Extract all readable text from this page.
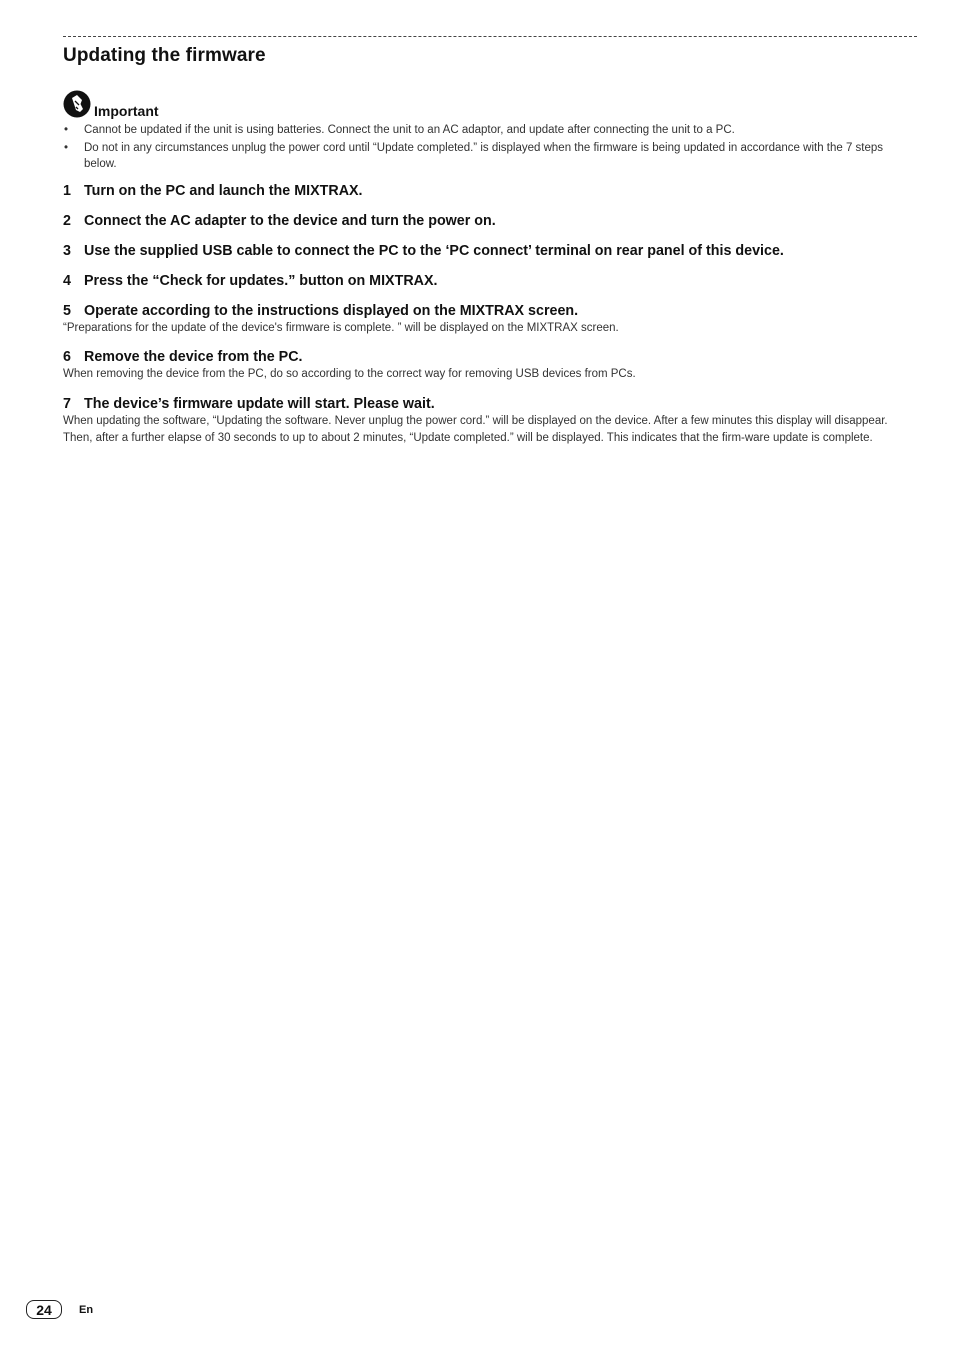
Updating the firmware
Important
• Cannot be updated if the unit is using batteries. Connect the unit to an AC adaptor, and update after connecting the unit to a PC.
• Do not in any circumstances unplug the power cord until “Update completed.” is displayed when the firmware is being updated in accordance with the 7 steps below.
1 Turn on the PC and launch the MIXTRAX.
2 Connect the AC adapter to the device and turn the power on.
3 Use the supplied USB cable to connect the PC to the ‘PC connect’ terminal on rear panel of this device.
4 Press the “Check for updates.” button on MIXTRAX.
5 Operate according to the instructions displayed on the MIXTRAX screen.
“Preparations for the update of the device's firmware is complete. ” will be displayed on the MIXTRAX screen.
6 Remove the device from the PC.
When removing the device from the PC, do so according to the correct way for removing USB devices from PCs.
7 The device’s firmware update will start. Please wait.
When updating the software, “Updating the software. Never unplug the power cord.” will be displayed on the device. After a few minutes this display will disappear. Then, after a further elapse of 30 seconds to up to about 2 minutes, “Update completed.” will be displayed. This indicates that the firm-ware update is complete.
24	En
